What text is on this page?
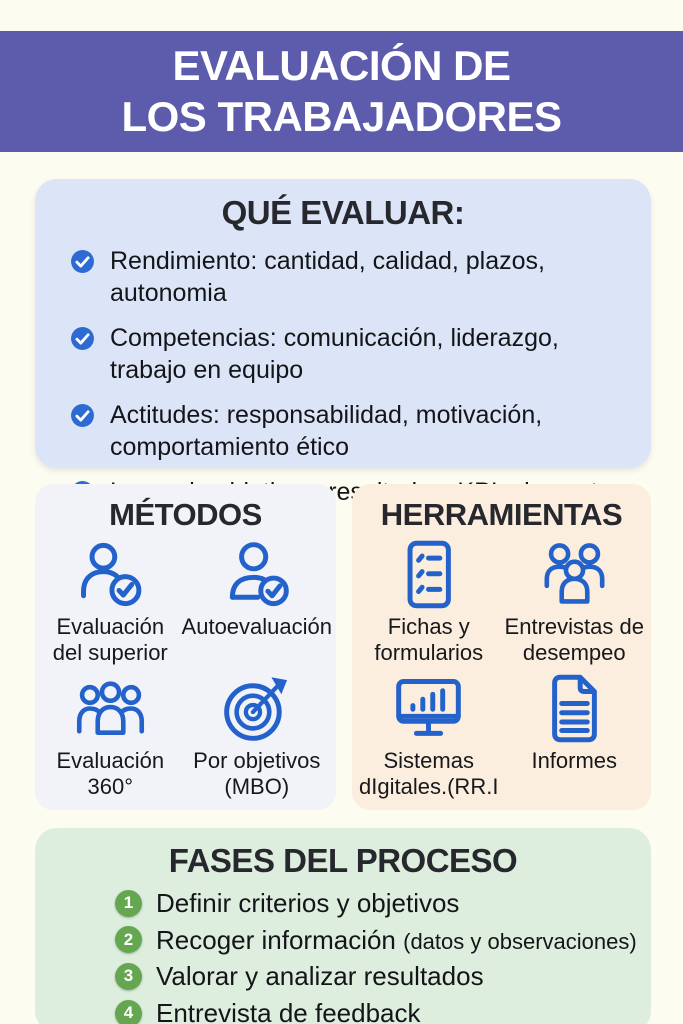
EVALUACIÓN DE
LOS TRABAJADORES
QUÉ EVALUAR:
Rendimiento: cantidad, calidad, plazos, autonomia
Competencias: comunicación, liderazgo, trabajo en equipo
Actitudes: responsabilidad, motivación, comportamiento ético
MÉTODOS
Evaluación del superior
Autoevaluación
Evaluación 360°
Por objetivos (MBO)
HERRAMIENTAS
Fichas y formularios
Entrevistas de desempeo
Sistemas dIgitales.(RR.I
Informes
FASES DEL PROCESO
1 Definir criterios y objetivos
2 Recoger información (datos y observaciones)
3 Valorar y analizar resultados
4 Entrevista de feedback
